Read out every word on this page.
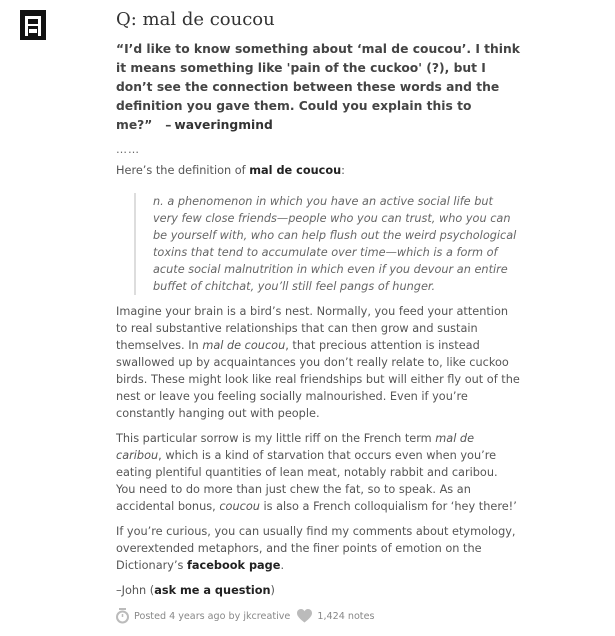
Q: mal de coucou

“I’d like to know something about ‘mal de coucou’. I think it means something like 'pain of the cuckoo' (?), but I don’t see the connection between these words and the definition you gave them. Could you explain this to me?” – waveringmind

……

Here’s the definition of mal de coucou:

n. a phenomenon in which you have an active social life but very few close friends—people who you can trust, who you can be yourself with, who can help flush out the weird psychological toxins that tend to accumulate over time—which is a form of acute social malnutrition in which even if you devour an entire buffet of chitchat, you’ll still feel pangs of hunger.

Imagine your brain is a bird’s nest. Normally, you feed your attention to real substantive relationships that can then grow and sustain themselves. In mal de coucou, that precious attention is instead swallowed up by acquaintances you don’t really relate to, like cuckoo birds. These might look like real friendships but will either fly out of the nest or leave you feeling socially malnourished. Even if you’re constantly hanging out with people.

This particular sorrow is my little riff on the French term mal de caribou, which is a kind of starvation that occurs even when you’re eating plentiful quantities of lean meat, notably rabbit and caribou. You need to do more than just chew the fat, so to speak. As an accidental bonus, coucou is also a French colloquialism for ‘hey there!’

If you’re curious, you can usually find my comments about etymology, overextended metaphors, and the finer points of emotion on the Dictionary’s facebook page.

–John (ask me a question)

Posted 4 years ago by jkcreative	1,424 notes
